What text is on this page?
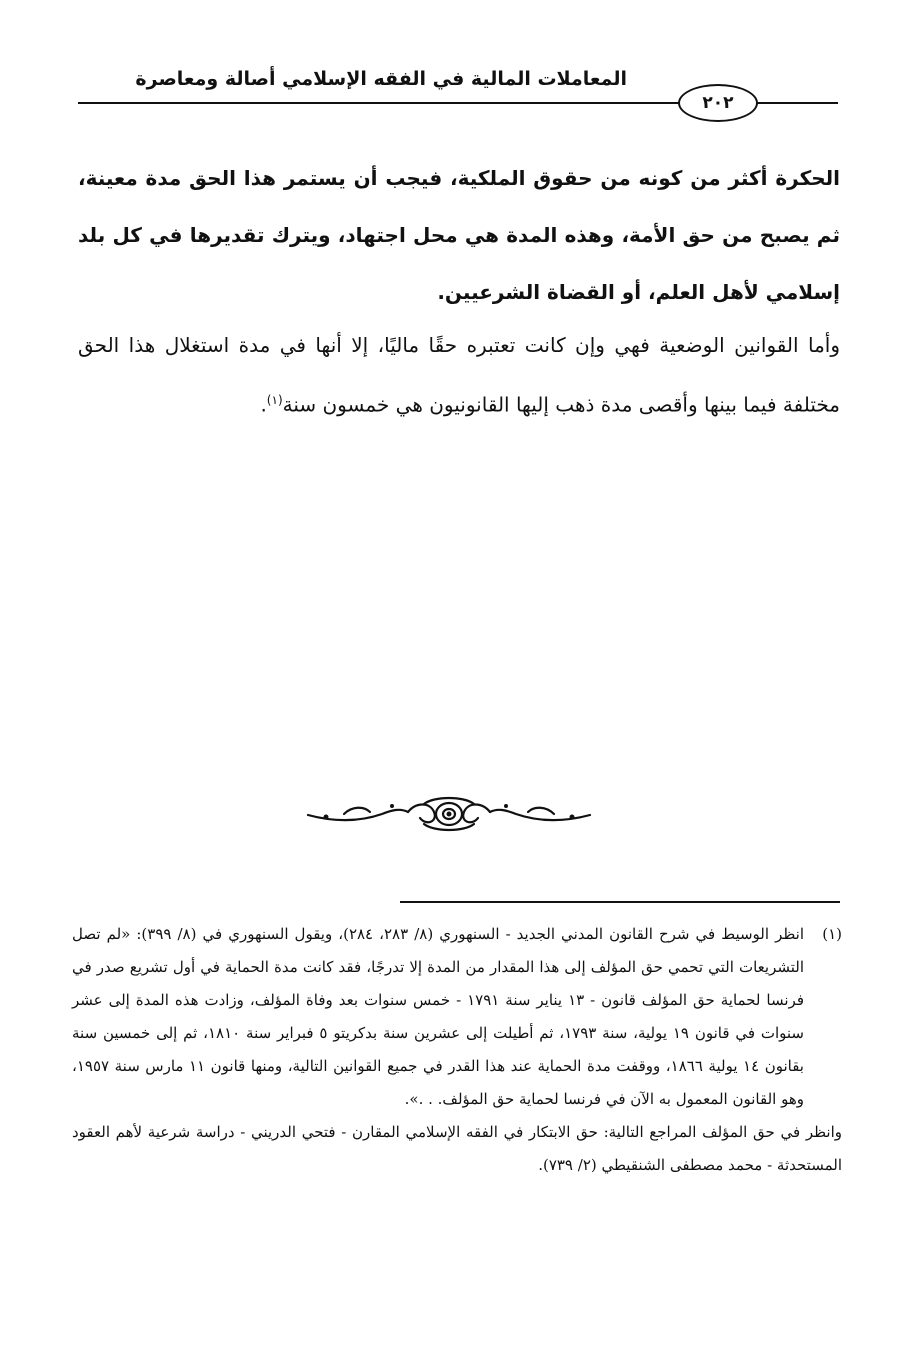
المعاملات المالية في الفقه الإسلامي أصالة ومعاصرة
٢٠٢
الحكرة أكثر من كونه من حقوق الملكية، فيجب أن يستمر هذا الحق مدة معينة، ثم يصبح من حق الأمة، وهذه المدة هي محل اجتهاد، ويترك تقديرها في كل بلد إسلامي لأهل العلم، أو القضاة الشرعيين.
وأما القوانين الوضعية فهي وإن كانت تعتبره حقًا ماليًا، إلا أنها في مدة استغلال هذا الحق مختلفة فيما بينها وأقصى مدة ذهب إليها القانونيون هي خمسون سنة$^{(١)}$.
(١)
انظر الوسيط في شرح القانون المدني الجديد - السنهوري (٨/ ٢٨٣، ٢٨٤)، ويقول السنهوري في (٨/ ٣٩٩): «لم تصل التشريعات التي تحمي حق المؤلف إلى هذا المقدار من المدة إلا تدرجًا، فقد كانت مدة الحماية في أول تشريع صدر في فرنسا لحماية حق المؤلف قانون - ١٣ يناير سنة ١٧٩١ - خمس سنوات بعد وفاة المؤلف، وزادت هذه المدة إلى عشر سنوات في قانون ١٩ يولية، سنة ١٧٩٣، ثم أطيلت إلى عشرين سنة بدكريتو ٥ فبراير سنة ١٨١٠، ثم إلى خمسين سنة بقانون ١٤ يولية ١٨٦٦، ووقفت مدة الحماية عند هذا القدر في جميع القوانين التالية، ومنها قانون ١١ مارس سنة ١٩٥٧، وهو القانون المعمول به الآن في فرنسا لحماية حق المؤلف. . .».
وانظر في حق المؤلف المراجع التالية: حق الابتكار في الفقه الإسلامي المقارن - فتحي الدريني - دراسة شرعية لأهم العقود المستحدثة - محمد مصطفى الشنقيطي (٢/ ٧٣٩).
